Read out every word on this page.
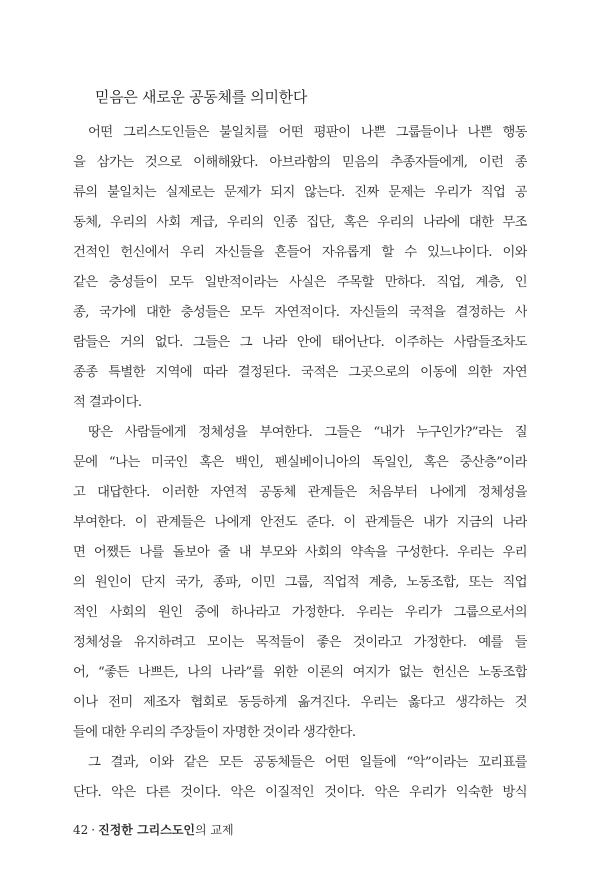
믿음은 새로운 공동체를 의미한다
어떤 그리스도인들은 불일치를 어떤 평판이 나쁜 그룹들이나 나쁜 행동
을 삼가는 것으로 이해해왔다. 아브라함의 믿음의 추종자들에게, 이런 종
류의 불일치는 실제로는 문제가 되지 않는다. 진짜 문제는 우리가 직업 공
동체, 우리의 사회 계급, 우리의 인종 집단, 혹은 우리의 나라에 대한 무조
건적인 헌신에서 우리 자신들을 흔들어 자유롭게 할 수 있느냐이다. 이와
같은 충성들이 모두 일반적이라는 사실은 주목할 만하다. 직업, 계층, 인
종, 국가에 대한 충성들은 모두 자연적이다. 자신들의 국적을 결정하는 사
람들은 거의 없다. 그들은 그 나라 안에 태어난다. 이주하는 사람들조차도
종종 특별한 지역에 따라 결정된다. 국적은 그곳으로의 이동에 의한 자연
적 결과이다.
땅은 사람들에게 정체성을 부여한다. 그들은 “내가 누구인가?”라는 질
문에 “나는 미국인 혹은 백인, 펜실베이니아의 독일인, 혹은 중산층”이라
고 대답한다. 이러한 자연적 공동체 관계들은 처음부터 나에게 정체성을
부여한다. 이 관계들은 나에게 안전도 준다. 이 관계들은 내가 지금의 나라
면 어쨌든 나를 돌보아 줄 내 부모와 사회의 약속을 구성한다. 우리는 우리
의 원인이 단지 국가, 종파, 이민 그룹, 직업적 계층, 노동조합, 또는 직업
적인 사회의 원인 중에 하나라고 가정한다. 우리는 우리가 그룹으로서의
정체성을 유지하려고 모이는 목적들이 좋은 것이라고 가정한다. 예를 들
어, “좋든 나쁘든, 나의 나라”를 위한 이론의 여지가 없는 헌신은 노동조합
이나 전미 제조자 협회로 동등하게 옮겨진다. 우리는 옳다고 생각하는 것
들에 대한 우리의 주장들이 자명한 것이라 생각한다.
그 결과, 이와 같은 모든 공동체들은 어떤 일들에 “악”이라는 꼬리표를
단다. 악은 다른 것이다. 악은 이질적인 것이다. 악은 우리가 익숙한 방식
42 · 진정한 그리스도인의 교제
